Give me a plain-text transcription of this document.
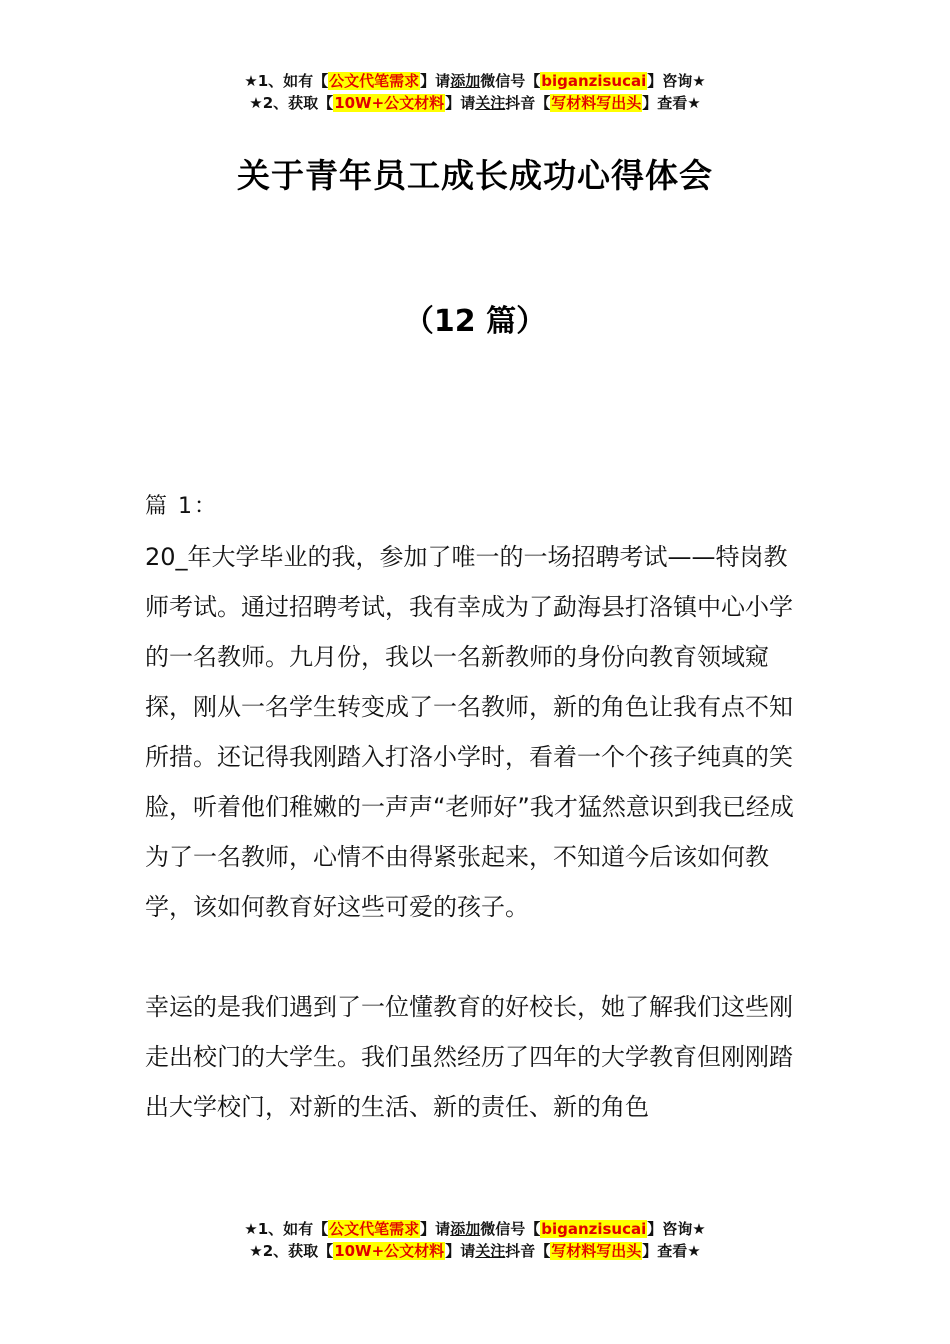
★1、如有【公文代笔需求】请添加微信号【biganzisucai】咨询★
★2、获取【10W+公文材料】请关注抖音【写材料写出头】查看★
关于青年员工成长成功心得体会
（12 篇）

篇 1：

20_年大学毕业的我，参加了唯一的一场招聘考试——特岗教师考试。通过招聘考试，我有幸成为了勐海县打洛镇中心小学的一名教师。九月份，我以一名新教师的身份向教育领域窥探，刚从一名学生转变成了一名教师，新的角色让我有点不知所措。还记得我刚踏入打洛小学时，看着一个个孩子纯真的笑脸，听着他们稚嫩的一声声“老师好”我才猛然意识到我已经成为了一名教师，心情不由得紧张起来，不知道今后该如何教学，该如何教育好这些可爱的孩子。

幸运的是我们遇到了一位懂教育的好校长，她了解我们这些刚走出校门的大学生。我们虽然经历了四年的大学教育但刚刚踏出大学校门，对新的生活、新的责任、新的角色

★1、如有【公文代笔需求】请添加微信号【biganzisucai】咨询★
★2、获取【10W+公文材料】请关注抖音【写材料写出头】查看★
